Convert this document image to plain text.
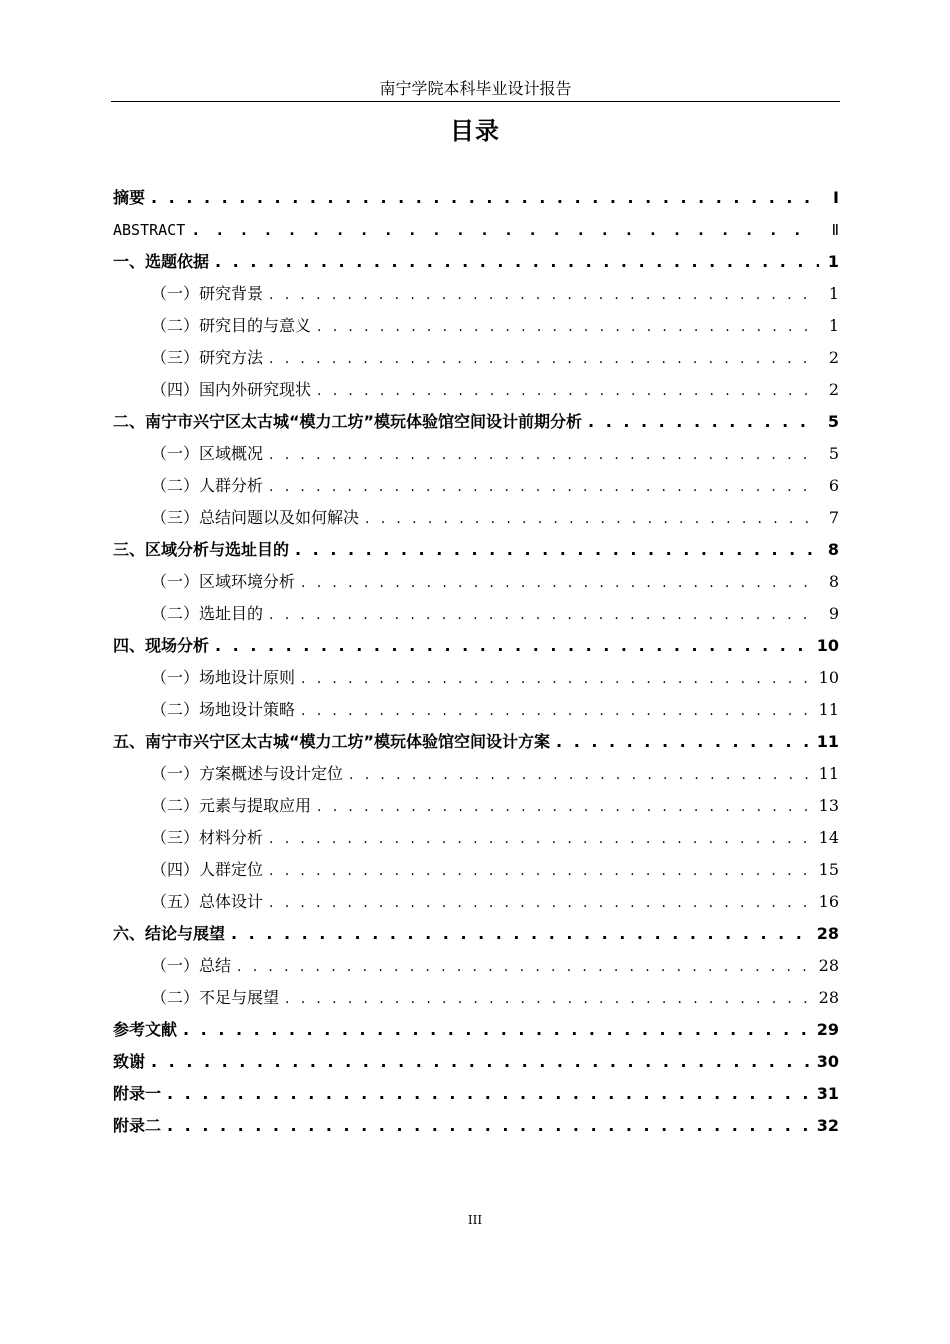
南宁学院本科毕业设计报告
目录
摘要 . . .	Ⅰ
ABSTRACT . . .	Ⅱ
一、选题依据 . . .	1
（一）研究背景 . . .	1
（二）研究目的与意义 . . .	1
（三）研究方法 . . .	2
（四）国内外研究现状 . . .	2
二、南宁市兴宁区太古城“模力工坊”模玩体验馆空间设计前期分析 . . .	5
（一）区域概况 . . .	5
（二）人群分析 . . .	6
（三）总结问题以及如何解决 . . .	7
三、区域分析与选址目的 . . .	8
（一）区域环境分析 . . .	8
（二）选址目的 . . .	9
四、现场分析 . . .	10
（一）场地设计原则 . . .	10
（二）场地设计策略 . . .	11
五、南宁市兴宁区太古城“模力工坊”模玩体验馆空间设计方案 . . .	11
（一）方案概述与设计定位 . . .	11
（二）元素与提取应用 . . .	13
（三）材料分析 . . .	14
（四）人群定位 . . .	15
（五）总体设计 . . .	16
六、结论与展望 . . .	28
（一）总结 . . .	28
（二）不足与展望 . . .	28
参考文献 . . .	29
致谢 . . .	30
附录一 . . .	31
附录二 . . .	32
III
